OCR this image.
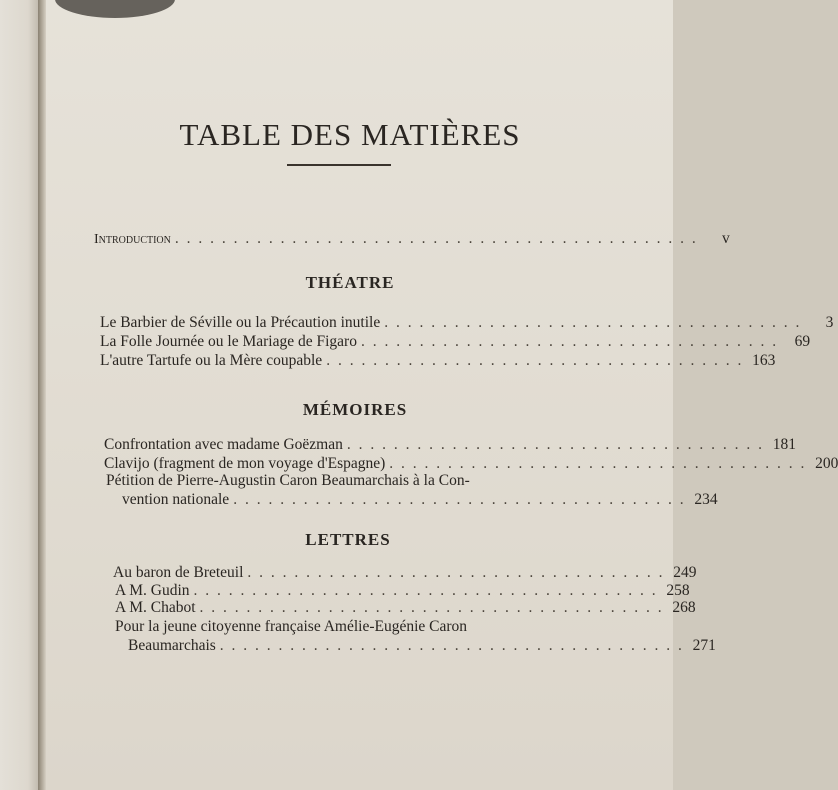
TABLE DES MATIÈRES
Introduction . . . . . . . . . . . . . . . . . . . . . . . . . . . . . . . . . . . . . . . . . . . . .	v
THÉATRE
Le Barbier de Séville ou la Précaution inutile . . . . . . . . . . . . . . . . . . . . . . . . . . . . . . . . . . . .	3
La Folle Journée ou le Mariage de Figaro . . . . . . . . . . . . . . . . . . . . . . . . . . . . . . . . . . . .	69
L'autre Tartufe ou la Mère coupable . . . . . . . . . . . . . . . . . . . . . . . . . . . . . . . . . . . . 163
MÉMOIRES
Confrontation avec madame Goëzman . . . . . . . . . . . . . . . . . . . . . . . . . . . . . . . . . . . . 181
Clavijo (fragment de mon voyage d'Espagne) . . . . . . . . . . . . . . . . . . . . . . . . . . . . . . . . . . . . 200
Pétition de Pierre-Augustin Caron Beaumarchais à la Con-
vention nationale . . . . . . . . . . . . . . . . . . . . . . . . . . . . . . . . . . . . . . . 234
LETTRES
Au baron de Breteuil . . . . . . . . . . . . . . . . . . . . . . . . . . . . . . . . . . . . 249
A M. Gudin . . . . . . . . . . . . . . . . . . . . . . . . . . . . . . . . . . . . . . . . 258
A M. Chabot . . . . . . . . . . . . . . . . . . . . . . . . . . . . . . . . . . . . . . . . 268
Pour la jeune citoyenne française Amélie-Eugénie Caron
Beaumarchais . . . . . . . . . . . . . . . . . . . . . . . . . . . . . . . . . . . . . . . . 271
